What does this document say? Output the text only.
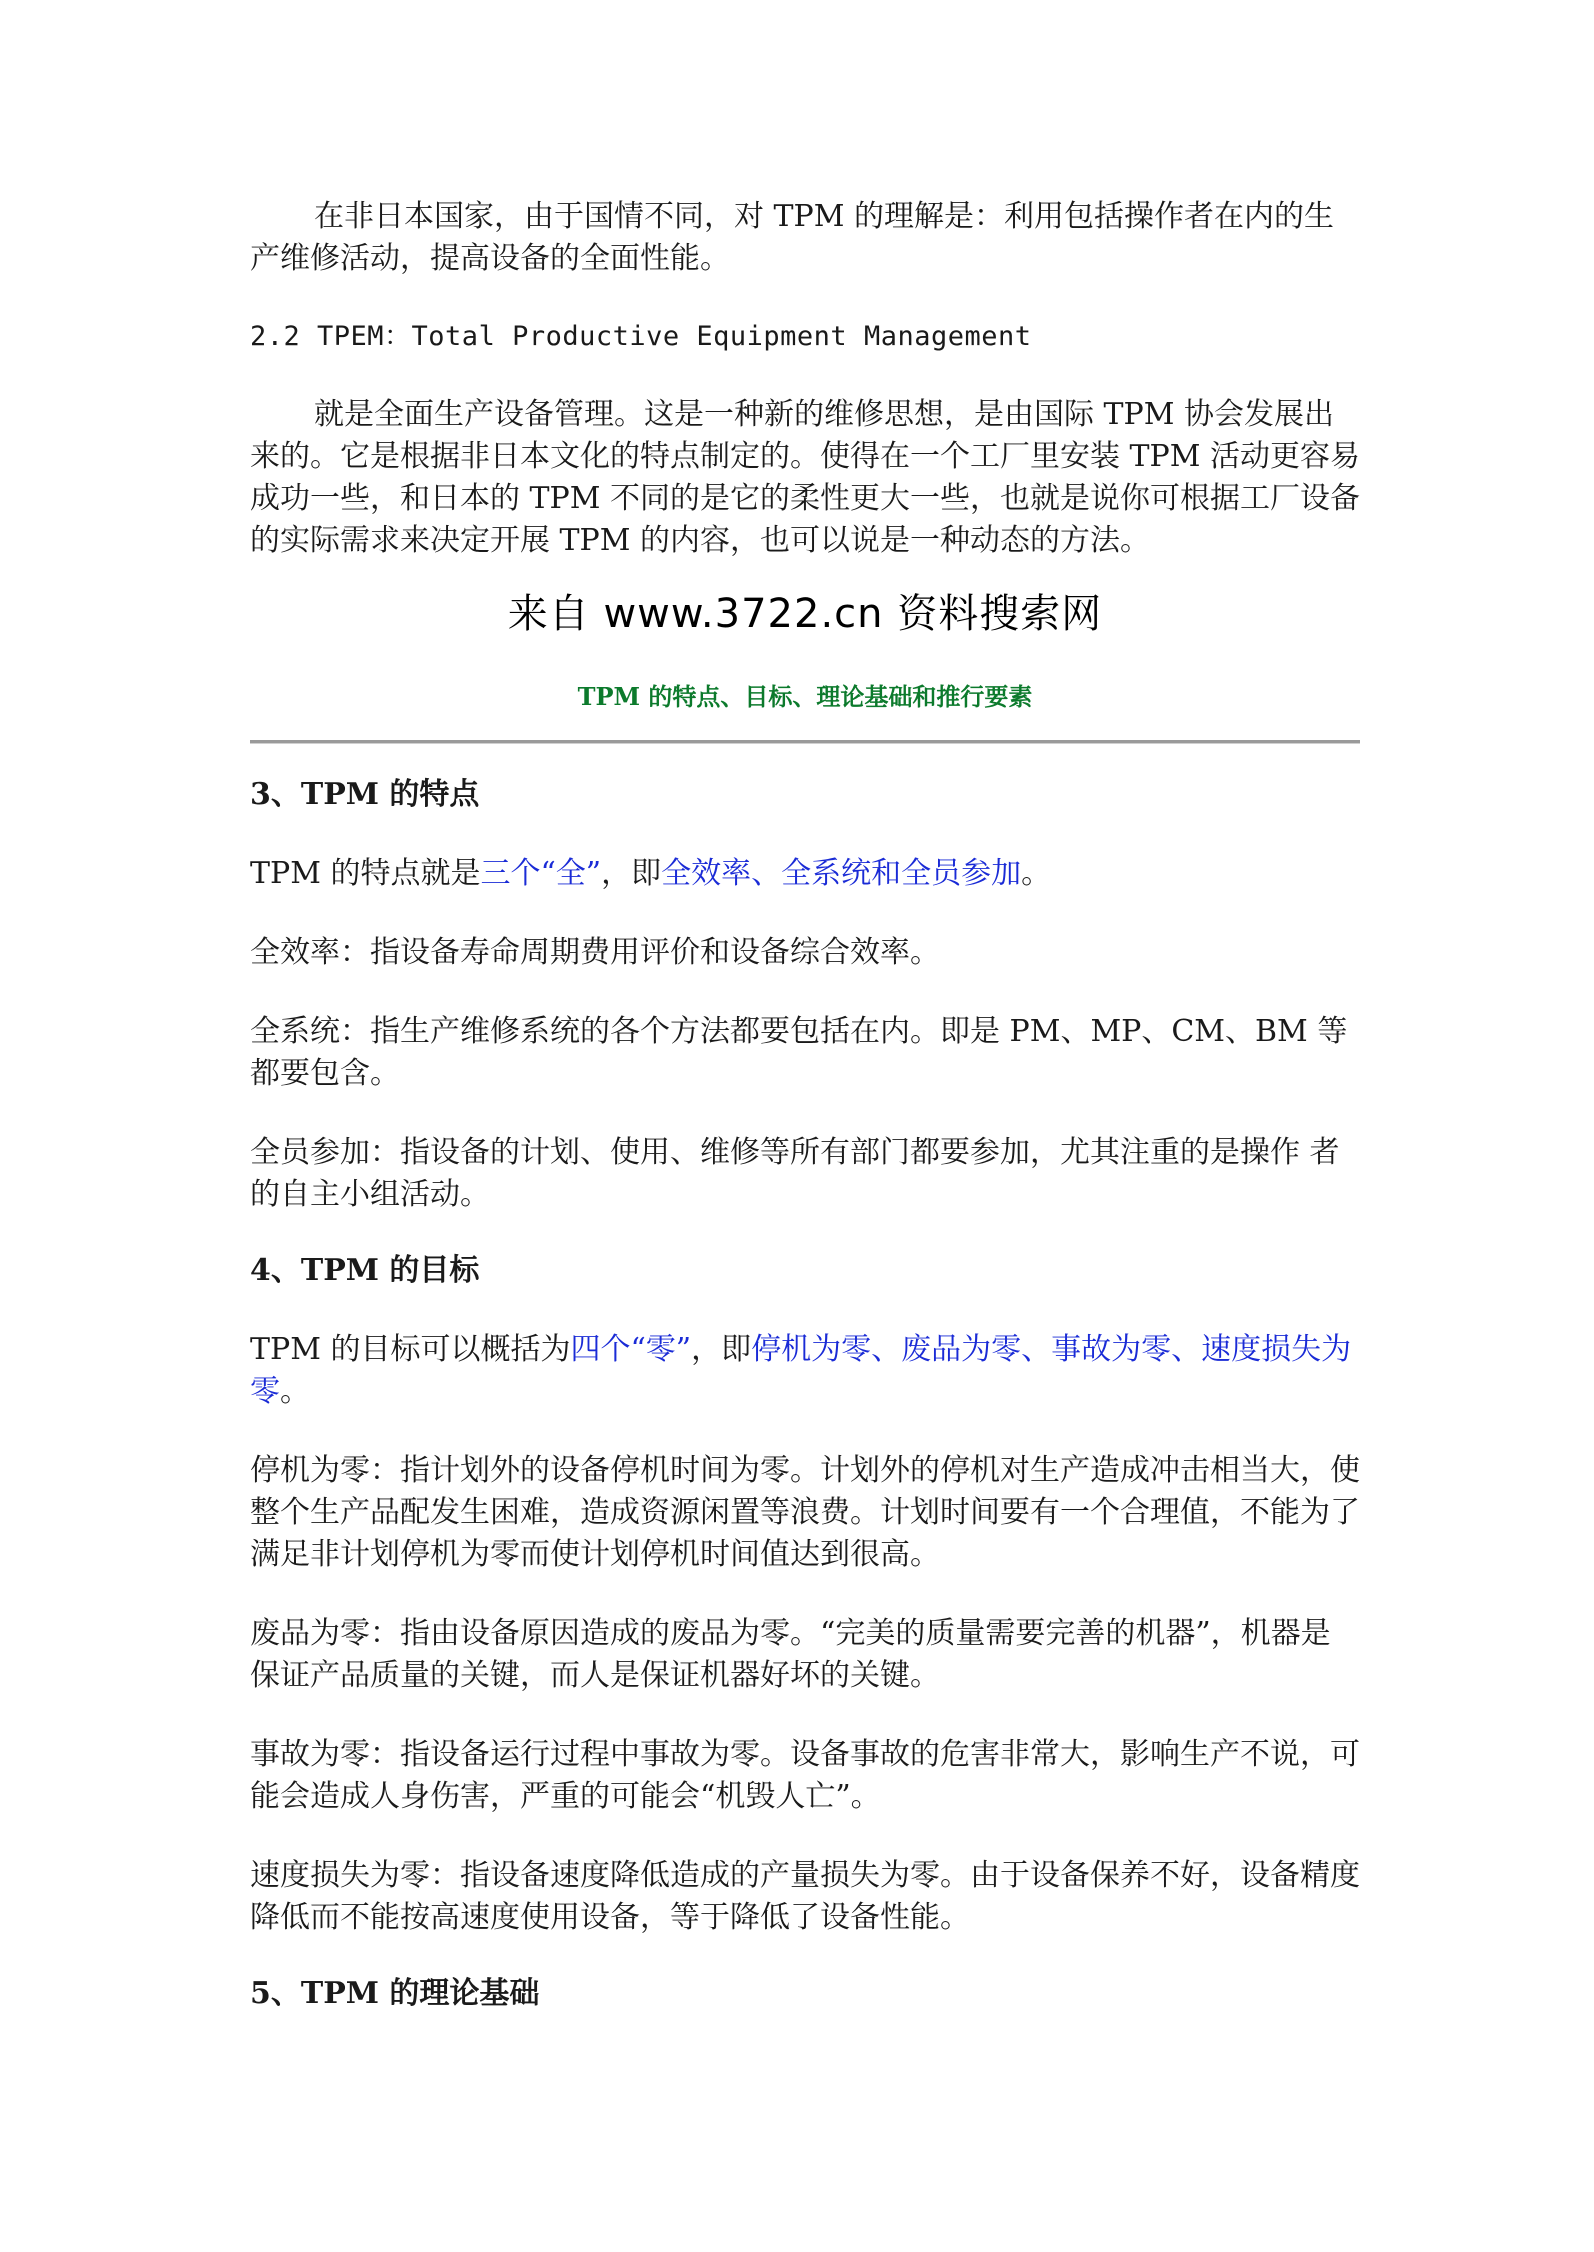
在非日本国家，由于国情不同，对 TPM 的理解是：利用包括操作者在内的生产维修活动，提高设备的全面性能。

2.2 TPEM：Total Productive Equipment Management

就是全面生产设备管理。这是一种新的维修思想，是由国际 TPM 协会发展出来的。它是根据非日本文化的特点制定的。使得在一个工厂里安装 TPM 活动更容易成功一些，和日本的 TPM 不同的是它的柔性更大一些，也就是说你可根据工厂设备的实际需求来决定开展 TPM 的内容，也可以说是一种动态的方法。

来自 www.3722.cn 资料搜索网
TPM 的特点、目标、理论基础和推行要素

3、TPM 的特点

TPM 的特点就是三个“全”，即全效率、全系统和全员参加。

全效率：指设备寿命周期费用评价和设备综合效率。

全系统：指生产维修系统的各个方法都要包括在内。即是 PM、MP、CM、BM 等都要包含。

全员参加：指设备的计划、使用、维修等所有部门都要参加，尤其注重的是操作 者的自主小组活动。

4、TPM 的目标

TPM 的目标可以概括为四个“零”，即停机为零、废品为零、事故为零、速度损失为零。

停机为零：指计划外的设备停机时间为零。计划外的停机对生产造成冲击相当大，使整个生产品配发生困难，造成资源闲置等浪费。计划时间要有一个合理值，不能为了满足非计划停机为零而使计划停机时间值达到很高。

废品为零：指由设备原因造成的废品为零。“完美的质量需要完善的机器”，机器是保证产品质量的关键，而人是保证机器好坏的关键。

事故为零：指设备运行过程中事故为零。设备事故的危害非常大，影响生产不说，可能会造成人身伤害，严重的可能会“机毁人亡”。

速度损失为零：指设备速度降低造成的产量损失为零。由于设备保养不好，设备精度降低而不能按高速度使用设备，等于降低了设备性能。

5、TPM 的理论基础
